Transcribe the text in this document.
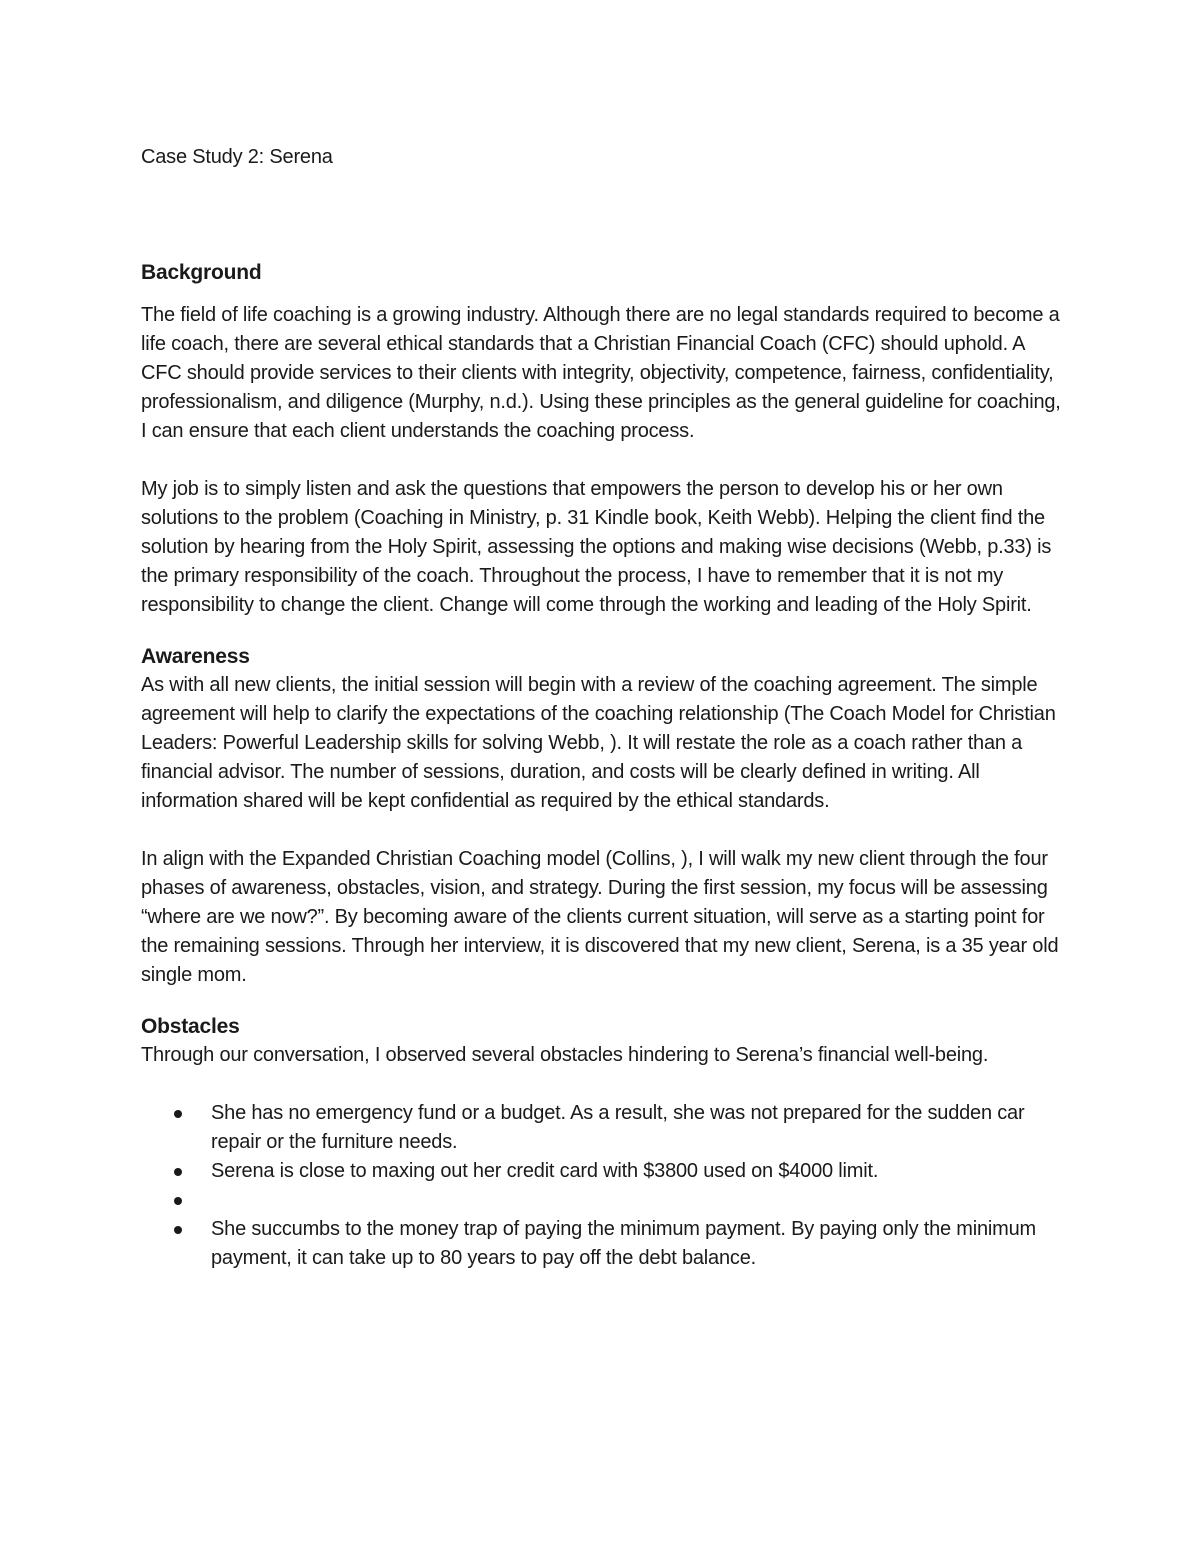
Case Study 2: Serena
Background

The field of life coaching is a growing industry. Although there are no legal standards required to become a life coach, there are several ethical standards that a Christian Financial Coach (CFC) should uphold. A CFC should provide services to their clients with integrity, objectivity, competence, fairness, confidentiality, professionalism, and diligence (Murphy, n.d.). Using these principles as the general guideline for coaching, I can ensure that each client understands the coaching process.

My job is to simply listen and ask the questions that empowers the person to develop his or her own solutions to the problem (Coaching in Ministry, p. 31 Kindle book, Keith Webb). Helping the client find the solution by hearing from the Holy Spirit, assessing the options and making wise decisions (Webb, p.33) is the primary responsibility of the coach. Throughout the process, I have to remember that it is not my responsibility to change the client. Change will come through the working and leading of the Holy Spirit.

Awareness

As with all new clients, the initial session will begin with a review of the coaching agreement. The simple agreement will help to clarify the expectations of the coaching relationship (The Coach Model for Christian Leaders: Powerful Leadership skills for solving Webb, ). It will restate the role as a coach rather than a financial advisor. The number of sessions, duration, and costs will be clearly defined in writing. All information shared will be kept confidential as required by the ethical standards.

In align with the Expanded Christian Coaching model (Collins, ), I will walk my new client through the four phases of awareness, obstacles, vision, and strategy. During the first session, my focus will be assessing “where are we now?”. By becoming aware of the clients current situation, will serve as a starting point for the remaining sessions. Through her interview, it is discovered that my new client, Serena, is a 35 year old single mom.

Obstacles

Through our conversation, I observed several obstacles hindering to Serena’s financial well-being.

She has no emergency fund or a budget. As a result, she was not prepared for the sudden car repair or the furniture needs.
Serena is close to maxing out her credit card with $3800 used on $4000 limit.
She succumbs to the money trap of paying the minimum payment. By paying only the minimum payment, it can take up to 80 years to pay off the debt balance.
